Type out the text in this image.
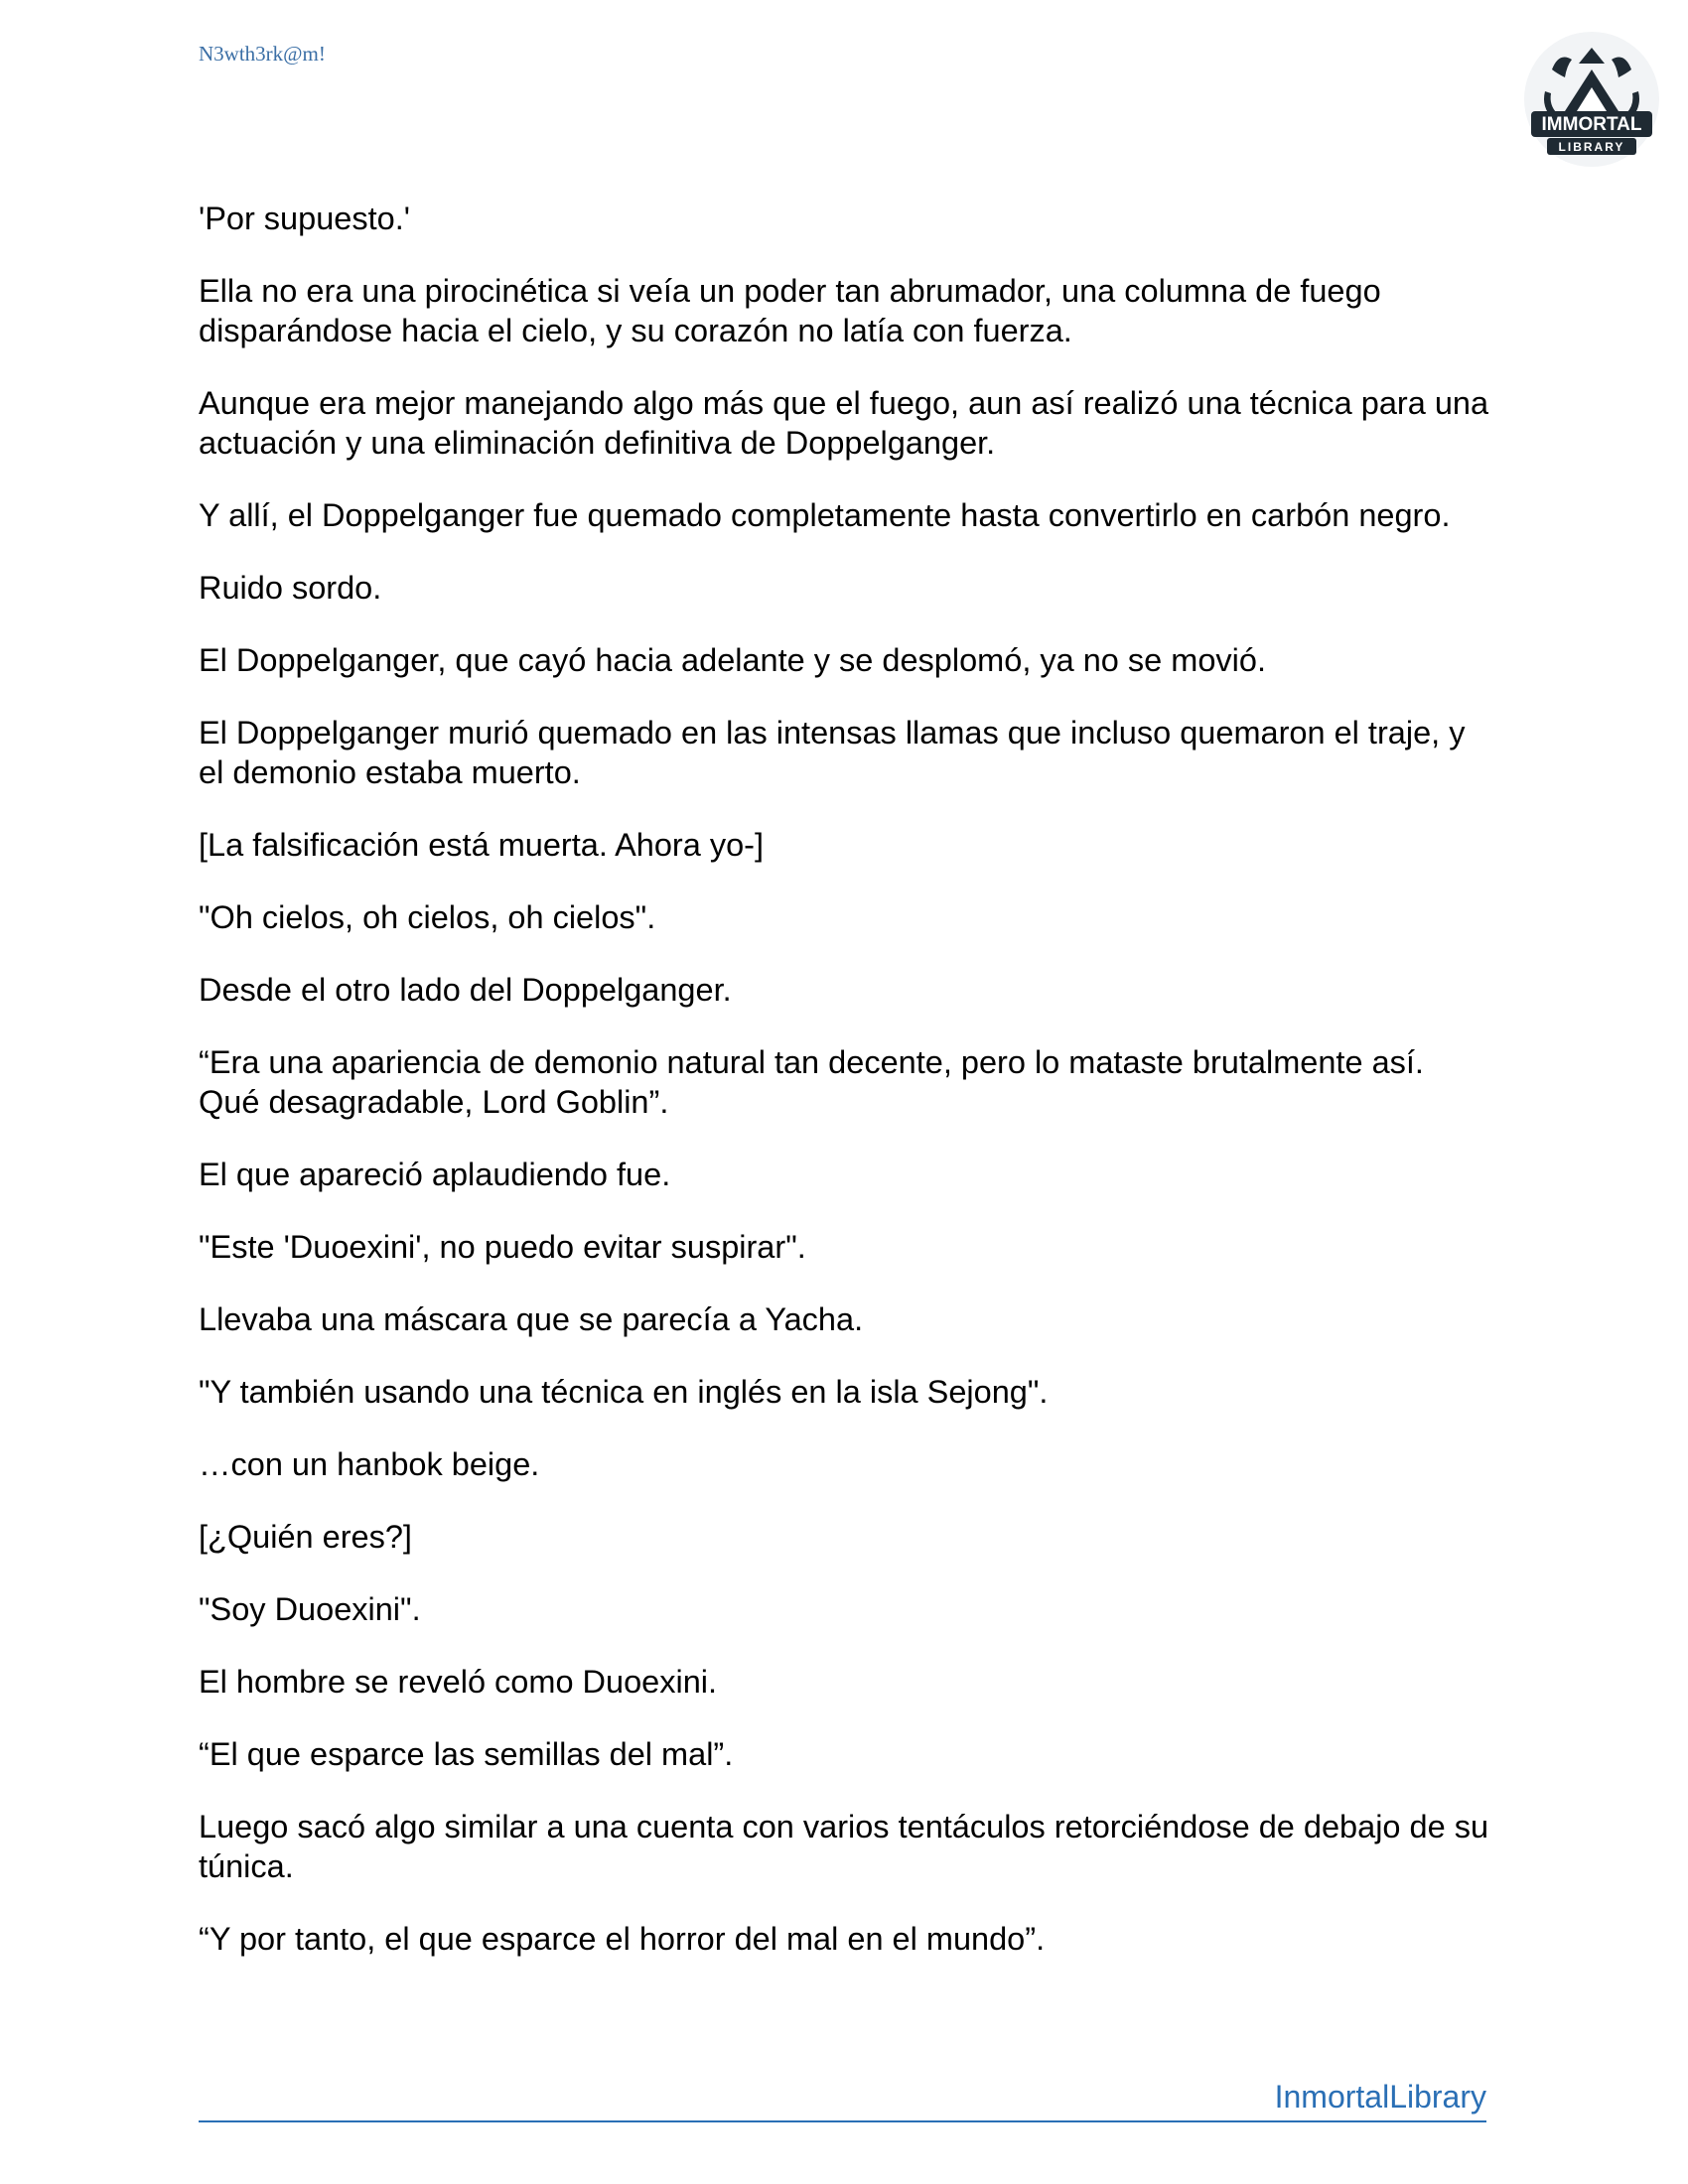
N3wth3rk@m!
IMMORTAL
LIBRARY

'Por supuesto.'

Ella no era una pirocinética si veía un poder tan abrumador, una columna de fuego disparándose hacia el cielo, y su corazón no latía con fuerza.

Aunque era mejor manejando algo más que el fuego, aun así realizó una técnica para una actuación y una eliminación definitiva de Doppelganger.

Y allí, el Doppelganger fue quemado completamente hasta convertirlo en carbón negro.

Ruido sordo.

El Doppelganger, que cayó hacia adelante y se desplomó, ya no se movió.

El Doppelganger murió quemado en las intensas llamas que incluso quemaron el traje, y el demonio estaba muerto.

[La falsificación está muerta. Ahora yo-]

"Oh cielos, oh cielos, oh cielos".

Desde el otro lado del Doppelganger.

“Era una apariencia de demonio natural tan decente, pero lo mataste brutalmente así. Qué desagradable, Lord Goblin”.

El que apareció aplaudiendo fue.

"Este 'Duoexini', no puedo evitar suspirar".

Llevaba una máscara que se parecía a Yacha.

"Y también usando una técnica en inglés en la isla Sejong".

…con un hanbok beige.

[¿Quién eres?]

"Soy Duoexini".

El hombre se reveló como Duoexini.

“El que esparce las semillas del mal”.

Luego sacó algo similar a una cuenta con varios tentáculos retorciéndose de debajo de su túnica.

“Y por tanto, el que esparce el horror del mal en el mundo”.

InmortalLibrary
